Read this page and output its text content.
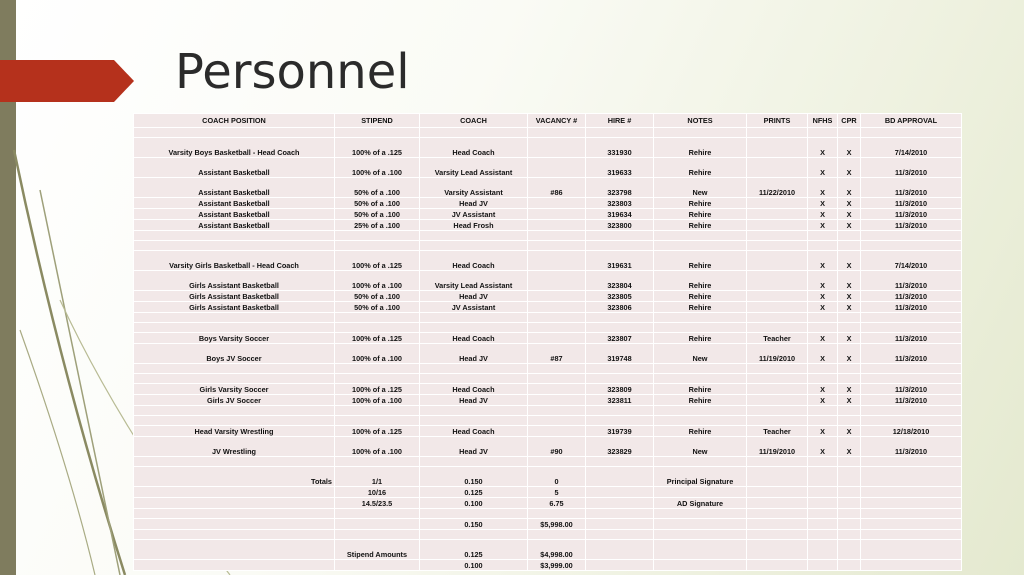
Personnel
COACH POSITION	STIPEND	COACH	VACANCY #	HIRE #	NOTES	PRINTS	NFHS	CPR	BD APPROVAL

Varsity Boys Basketball - Head Coach	100% of a .125	Head Coach		331930	Rehire		X	X	7/14/2010
Assistant Basketball	100% of a .100	Varsity Lead Assistant		319633	Rehire		X	X	11/3/2010
Assistant Basketball	50% of a .100	Varsity Assistant	#86	323798	New	11/22/2010	X	X	11/3/2010
Assistant Basketball	50% of a .100	Head JV		323803	Rehire		X	X	11/3/2010
Assistant Basketball	50% of a .100	JV Assistant		319634	Rehire		X	X	11/3/2010
Assistant Basketball	25% of a .100	Head Frosh		323800	Rehire		X	X	11/3/2010

Varsity Girls Basketball - Head Coach	100% of a .125	Head Coach		319631	Rehire		X	X	7/14/2010
Girls Assistant Basketball	100% of a .100	Varsity Lead Assistant		323804	Rehire		X	X	11/3/2010
Girls Assistant Basketball	50% of a .100	Head JV		323805	Rehire		X	X	11/3/2010
Girls Assistant Basketball	50% of a .100	JV Assistant		323806	Rehire		X	X	11/3/2010

Boys Varsity Soccer	100% of a .125	Head Coach		323807	Rehire	Teacher	X	X	11/3/2010
Boys JV Soccer	100% of a .100	Head JV	#87	319748	New	11/19/2010	X	X	11/3/2010

Girls Varsity Soccer	100% of a .125	Head Coach		323809	Rehire		X	X	11/3/2010
Girls JV Soccer	100% of a .100	Head JV		323811	Rehire		X	X	11/3/2010

Head Varsity Wrestling	100% of a .125	Head Coach		319739	Rehire	Teacher	X	X	12/18/2010
JV Wrestling	100% of a .100	Head JV	#90	323829	New	11/19/2010	X	X	11/3/2010

Totals	1/1	0.150	0		Principal Signature				
	10/16	0.125	5						
	14.5/23.5	0.100	6.75		AD Signature				

		0.150	$5,998.00						

	Stipend Amounts	0.125	$4,998.00						
		0.100	$3,999.00						
